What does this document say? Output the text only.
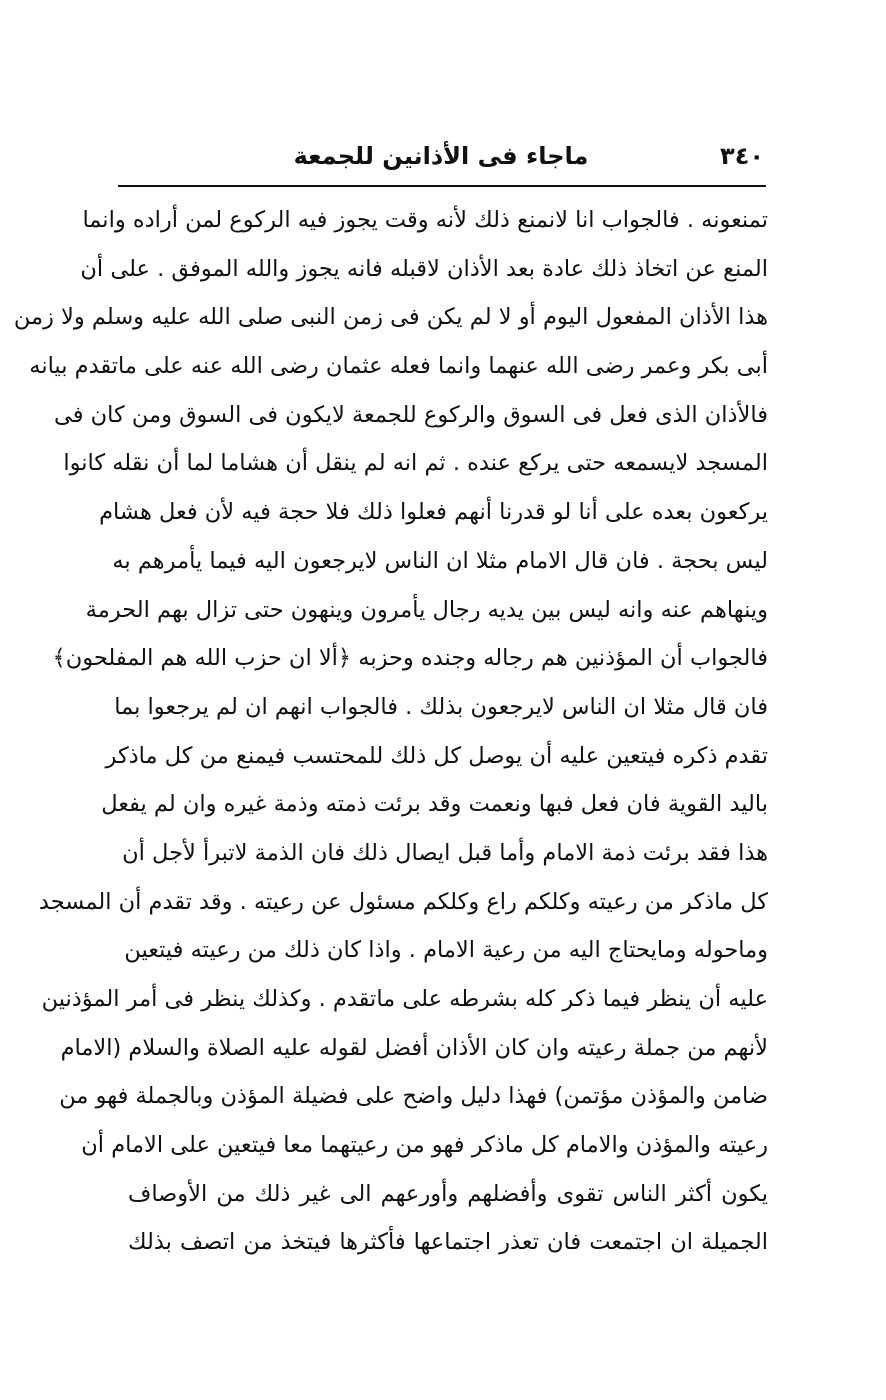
٣٤٠
ماجاء فى الأذانين للجمعة
تمنعونه . فالجواب انا لانمنع ذلك لأنه وقت يجوز فيه الركوع لمن أراده وانما
المنع عن اتخاذ ذلك عادة بعد الأذان لاقبله فانه يجوز والله الموفق . على أن
هذا الأذان المفعول اليوم أو لا لم يكن فى زمن النبى صلى الله عليه وسلم ولا زمن
أبى بكر وعمر رضى الله عنهما وانما فعله عثمان رضى الله عنه على ماتقدم بيانه
فالأذان الذى فعل فى السوق والركوع للجمعة لايكون فى السوق ومن كان فى
المسجد لايسمعه حتى يركع عنده . ثم انه لم ينقل أن هشاما لما أن نقله كانوا
يركعون بعده على أنا لو قدرنا أنهم فعلوا ذلك فلا حجة فيه لأن فعل هشام
ليس بحجة . فان قال الامام مثلا ان الناس لايرجعون اليه فيما يأمرهم به
وينهاهم عنه وانه ليس بين يديه رجال يأمرون وينهون حتى تزال بهم الحرمة
فالجواب أن المؤذنين هم رجاله وجنده وحزبه ﴿ألا ان حزب الله هم المفلحون﴾
فان قال مثلا ان الناس لايرجعون بذلك . فالجواب انهم ان لم يرجعوا بما
تقدم ذكره فيتعين عليه أن يوصل كل ذلك للمحتسب فيمنع من كل ماذكر
باليد القوية فان فعل فبها ونعمت وقد برئت ذمته وذمة غيره وان لم يفعل
هذا فقد برئت ذمة الامام وأما قبل ايصال ذلك فان الذمة لاتبرأ لأجل أن
كل ماذكر من رعيته وكلكم راع وكلكم مسئول عن رعيته . وقد تقدم أن المسجد
وماحوله ومايحتاج اليه من رعية الامام . واذا كان ذلك من رعيته فيتعين
عليه أن ينظر فيما ذكر كله بشرطه على ماتقدم . وكذلك ينظر فى أمر المؤذنين
لأنهم من جملة رعيته وان كان الأذان أفضل لقوله عليه الصلاة والسلام (الامام
ضامن والمؤذن مؤتمن) فهذا دليل واضح على فضيلة المؤذن وبالجملة فهو من
رعيته والمؤذن والامام كل ماذكر فهو من رعيتهما معا فيتعين على الامام أن
يكون أكثر الناس تقوى وأفضلهم وأورعهم الى غير ذلك من الأوصاف
الجميلة ان اجتمعت فان تعذر اجتماعها فأكثرها فيتخذ من اتصف بذلك
